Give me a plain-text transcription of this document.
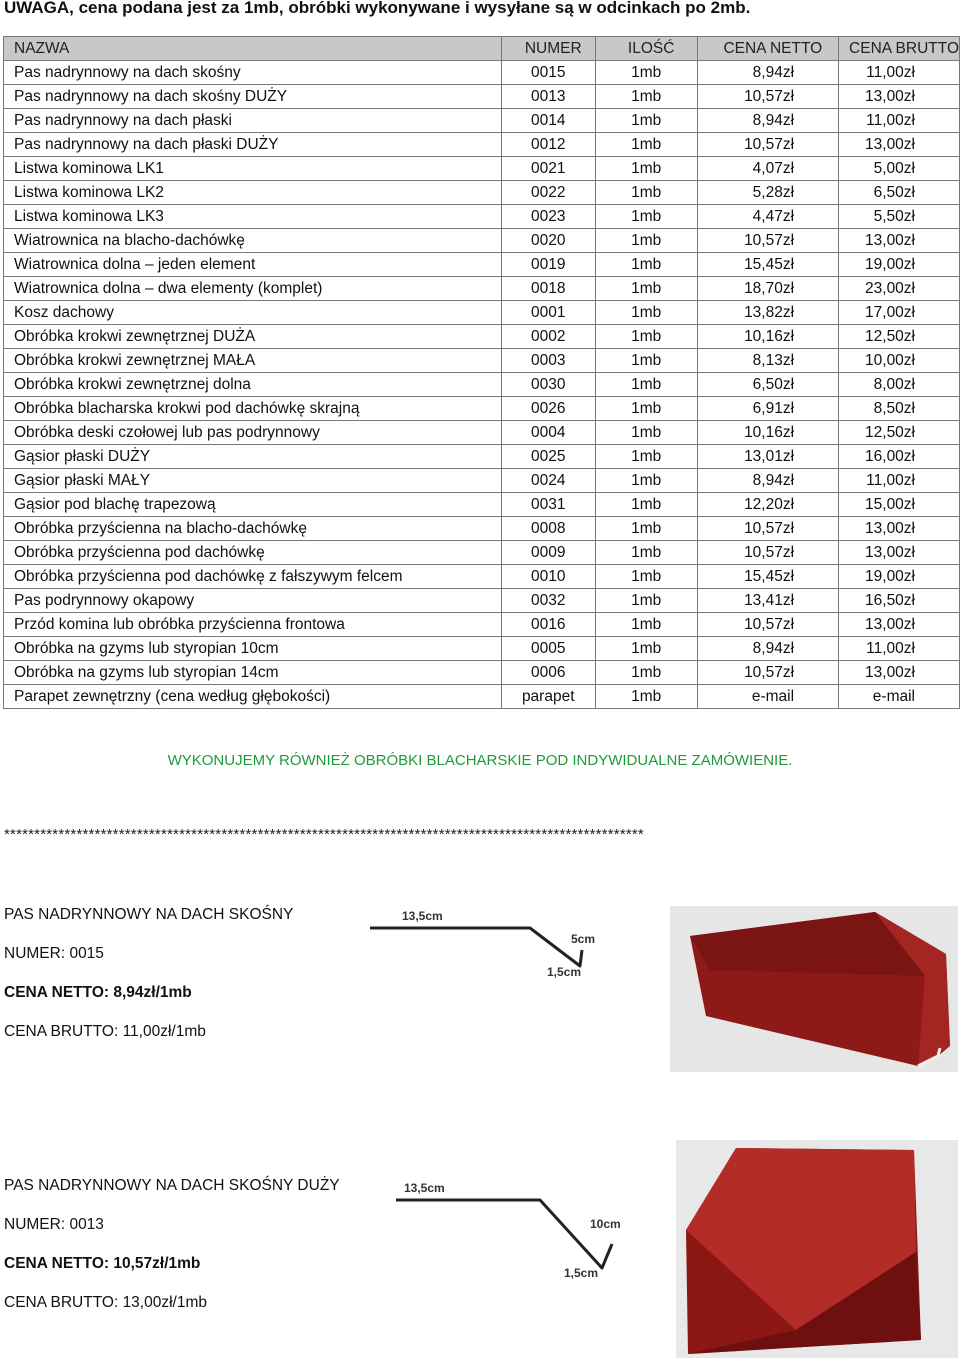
UWAGA, cena podana jest za 1mb, obróbki wykonywane i wysyłane są w odcinkach po 2mb.
NAZWA	NUMER	ILOŚĆ	CENA NETTO	CENA BRUTTO
Pas nadrynnowy na dach skośny	0015	1mb	8,94zł	11,00zł
Pas nadrynnowy na dach skośny DUŻY	0013	1mb	10,57zł	13,00zł
Pas nadrynnowy na dach płaski	0014	1mb	8,94zł	11,00zł
Pas nadrynnowy na dach płaski DUŻY	0012	1mb	10,57zł	13,00zł
Listwa kominowa LK1	0021	1mb	4,07zł	5,00zł
Listwa kominowa LK2	0022	1mb	5,28zł	6,50zł
Listwa kominowa LK3	0023	1mb	4,47zł	5,50zł
Wiatrownica na blacho-dachówkę	0020	1mb	10,57zł	13,00zł
Wiatrownica dolna – jeden element	0019	1mb	15,45zł	19,00zł
Wiatrownica dolna – dwa elementy (komplet)	0018	1mb	18,70zł	23,00zł
Kosz dachowy	0001	1mb	13,82zł	17,00zł
Obróbka krokwi zewnętrznej DUŻA	0002	1mb	10,16zł	12,50zł
Obróbka krokwi zewnętrznej MAŁA	0003	1mb	8,13zł	10,00zł
Obróbka krokwi zewnętrznej dolna	0030	1mb	6,50zł	8,00zł
Obróbka blacharska krokwi pod dachówkę skrajną	0026	1mb	6,91zł	8,50zł
Obróbka deski czołowej lub pas podrynnowy	0004	1mb	10,16zł	12,50zł
Gąsior płaski DUŻY	0025	1mb	13,01zł	16,00zł
Gąsior płaski MAŁY	0024	1mb	8,94zł	11,00zł
Gąsior pod blachę trapezową	0031	1mb	12,20zł	15,00zł
Obróbka przyścienna na blacho-dachówkę	0008	1mb	10,57zł	13,00zł
Obróbka przyścienna pod dachówkę	0009	1mb	10,57zł	13,00zł
Obróbka przyścienna pod dachówkę z fałszywym felcem	0010	1mb	15,45zł	19,00zł
Pas podrynnowy okapowy	0032	1mb	13,41zł	16,50zł
Przód komina lub obróbka przyścienna frontowa	0016	1mb	10,57zł	13,00zł
Obróbka na gzyms lub styropian 10cm	0005	1mb	8,94zł	11,00zł
Obróbka na gzyms lub styropian 14cm	0006	1mb	10,57zł	13,00zł
Parapet zewnętrzny (cena według głębokości)	parapet	1mb	e-mail	e-mail
WYKONUJEMY RÓWNIEŻ OBRÓBKI BLACHARSKIE POD INDYWIDUALNE ZAMÓWIENIE.
**********************************************************************************************************
PAS NADRYNNOWY NA DACH SKOŚNY
NUMER: 0015
CENA NETTO: 8,94zł/1mb
CENA BRUTTO: 11,00zł/1mb
13,5cm
5cm
1,5cm
PAS NADRYNNOWY NA DACH SKOŚNY DUŻY
NUMER: 0013
CENA NETTO: 10,57zł/1mb
CENA BRUTTO: 13,00zł/1mb
13,5cm
10cm
1,5cm
